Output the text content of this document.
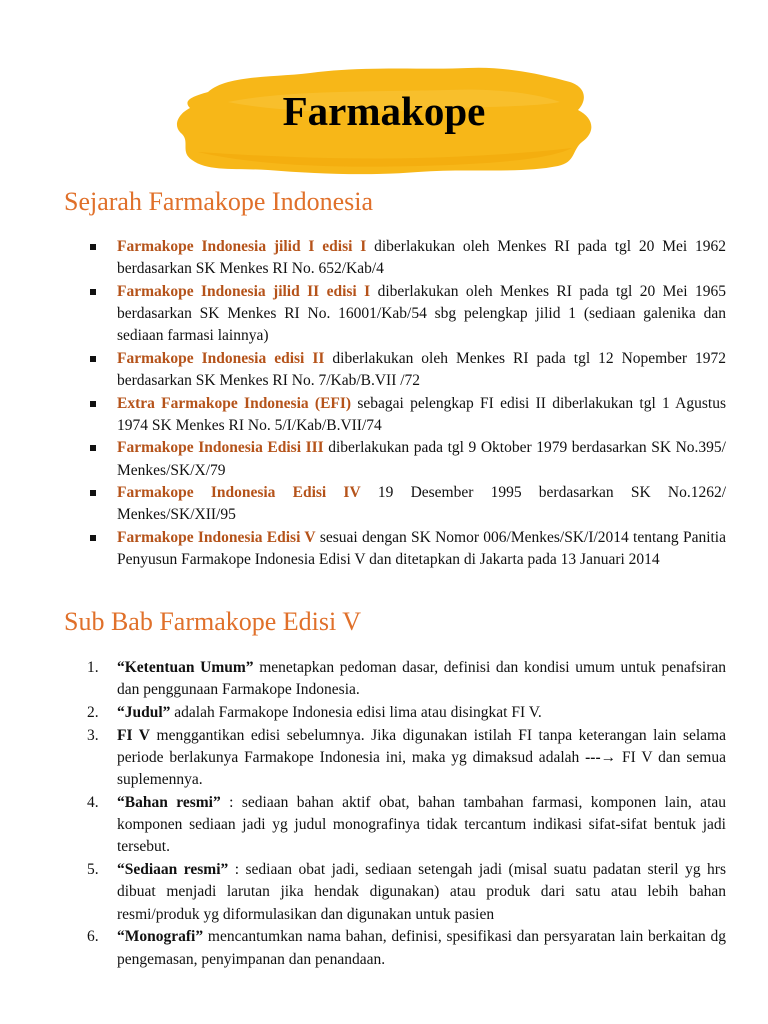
Farmakope
Sejarah Farmakope Indonesia
Farmakope Indonesia jilid I edisi I diberlakukan oleh Menkes RI pada tgl 20 Mei 1962 berdasarkan SK Menkes RI No. 652/Kab/4
Farmakope Indonesia jilid II edisi I diberlakukan oleh Menkes RI pada tgl 20 Mei 1965 berdasarkan SK Menkes RI No. 16001/Kab/54 sbg pelengkap jilid 1 (sediaan galenika dan sediaan farmasi lainnya)
Farmakope Indonesia edisi II diberlakukan oleh Menkes RI pada tgl 12 Nopember 1972 berdasarkan SK Menkes RI No. 7/Kab/B.VII /72
Extra Farmakope Indonesia (EFI) sebagai pelengkap FI edisi II diberlakukan tgl 1 Agustus 1974 SK Menkes RI No. 5/I/Kab/B.VII/74
Farmakope Indonesia Edisi III diberlakukan pada tgl 9 Oktober 1979 berdasarkan SK No.395/ Menkes/SK/X/79
Farmakope Indonesia Edisi IV 19 Desember 1995 berdasarkan SK No.1262/ Menkes/SK/XII/95
Farmakope Indonesia Edisi V sesuai dengan SK Nomor 006/Menkes/SK/I/2014 tentang Panitia Penyusun Farmakope Indonesia Edisi V dan ditetapkan di Jakarta pada 13 Januari 2014
Sub Bab Farmakope Edisi V
1. “Ketentuan Umum” menetapkan pedoman dasar, definisi dan kondisi umum untuk penafsiran dan penggunaan Farmakope Indonesia.
2. “Judul” adalah Farmakope Indonesia edisi lima atau disingkat FI V.
3. FI V menggantikan edisi sebelumnya. Jika digunakan istilah FI tanpa keterangan lain selama periode berlakunya Farmakope Indonesia ini, maka yg dimaksud adalah ---→ FI V dan semua suplemennya.
4. “Bahan resmi” : sediaan bahan aktif obat, bahan tambahan farmasi, komponen lain, atau komponen sediaan jadi yg judul monografinya tidak tercantum indikasi sifat-sifat bentuk jadi tersebut.
5. “Sediaan resmi” : sediaan obat jadi, sediaan setengah jadi (misal suatu padatan steril yg hrs dibuat menjadi larutan jika hendak digunakan) atau produk dari satu atau lebih bahan resmi/produk yg diformulasikan dan digunakan untuk pasien
6. “Monografi” mencantumkan nama bahan, definisi, spesifikasi dan persyaratan lain berkaitan dg pengemasan, penyimpanan dan penandaan.
